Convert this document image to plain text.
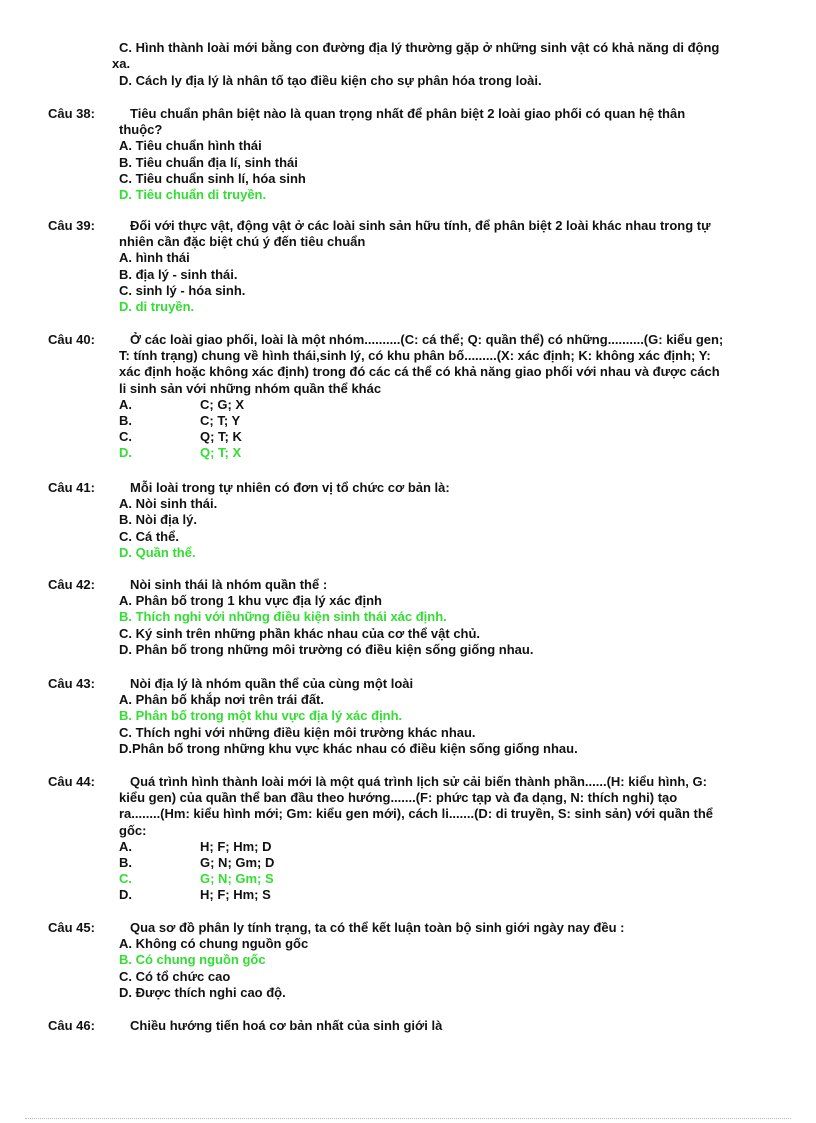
C. Hình thành loài mới bằng con đường địa lý thường gặp ở những sinh vật có khả năng di động
xa.
D. Cách ly địa lý là nhân tố tạo điều kiện cho sự phân hóa trong loài.
Câu 38:	Tiêu chuẩn phân biệt nào là quan trọng nhất để phân biệt 2 loài giao phối có quan hệ thân
thuộc?
A. Tiêu chuẩn hình thái
B. Tiêu chuẩn địa lí, sinh thái
C. Tiêu chuẩn sinh lí, hóa sinh
D. Tiêu chuẩn di truyền.
Câu 39:	Đối với thực vật, động vật ở các loài sinh sản hữu tính, để phân biệt 2 loài khác nhau trong tự
nhiên cần đặc biệt chú ý đến tiêu chuẩn
A. hình thái
B. địa lý - sinh thái.
C. sinh lý - hóa sinh.
D. di truyền.
Câu 40:	Ở các loài giao phối, loài là một nhóm..........(C: cá thể; Q: quần thể) có những..........(G: kiểu gen;
T: tính trạng) chung về hình thái,sinh lý, có khu phân bố.........(X: xác định; K: không xác định; Y:
xác định hoặc không xác định) trong đó các cá thể có khả năng giao phối với nhau và được cách
li sinh sản với những nhóm quần thể khác
A.	C; G; X
B.	C; T; Y
C.	Q; T; K
D.	Q; T; X
Câu 41:	Mỗi loài trong tự nhiên có đơn vị tổ chức cơ bản là:
A. Nòi sinh thái.
B. Nòi địa lý.
C. Cá thể.
D. Quần thể.
Câu 42:	Nòi sinh thái là nhóm quần thể :
A. Phân bố trong 1 khu vực địa lý xác định
B. Thích nghi với những điều kiện sinh thái xác định.
C. Ký sinh trên những phần khác nhau của cơ thể vật chủ.
D. Phân bố trong những môi trường có điều kiện sống giống nhau.
Câu 43:	Nòi địa lý là nhóm quần thể của cùng một loài
A. Phân bố khắp nơi trên trái đất.
B. Phân bố trong một khu vực địa lý xác định.
C. Thích nghi với những điều kiện môi trường khác nhau.
D.Phân bố trong những khu vực khác nhau có điều kiện sống giống nhau.
Câu 44:	Quá trình hình thành loài mới là một quá trình lịch sử cải biến thành phần......(H: kiểu hình, G:
kiểu gen) của quần thể ban đầu theo hướng.......(F: phức tạp và đa dạng, N: thích nghi) tạo
ra........(Hm: kiểu hình mới; Gm: kiểu gen mới), cách li.......(D: di truyền, S: sinh sản) với quần thể
gốc:
A.	H; F; Hm; D
B.	G; N; Gm; D
C.	G; N; Gm; S
D.	H; F; Hm; S
Câu 45:	Qua sơ đồ phân ly tính trạng, ta có thể kết luận toàn bộ sinh giới ngày nay đều :
A. Không có chung nguồn gốc
B. Có chung nguồn gốc
C. Có tổ chức cao
D. Được thích nghi cao độ.
Câu 46:	Chiều hướng tiến hoá cơ bản nhất của sinh giới là
